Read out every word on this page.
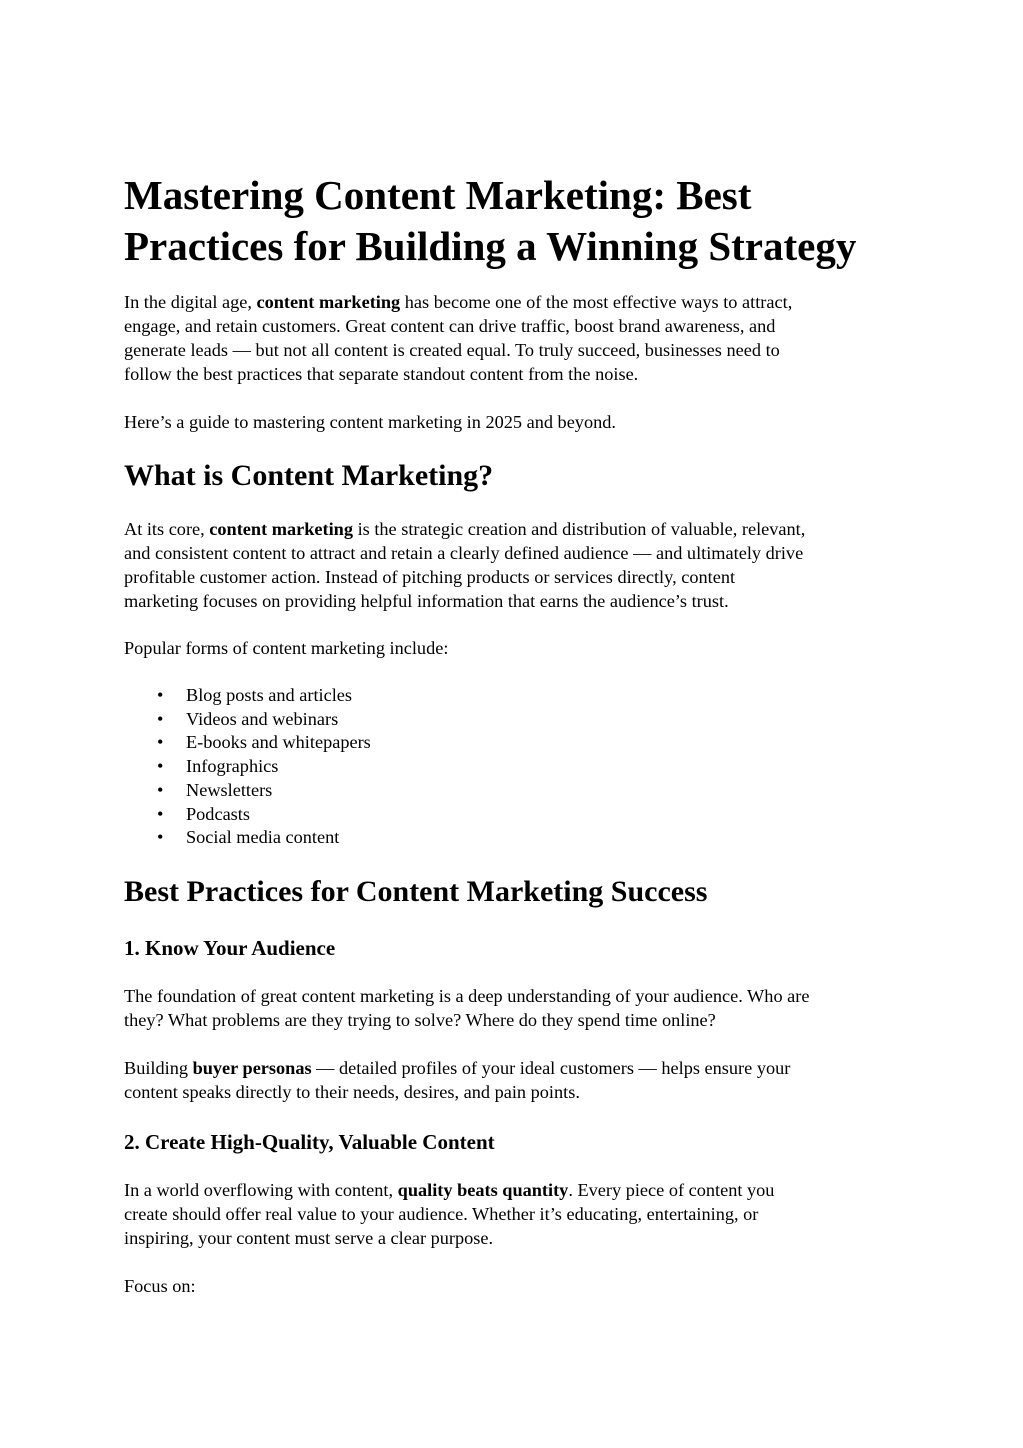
Mastering Content Marketing: Best
Practices for Building a Winning Strategy

In the digital age, content marketing has become one of the most effective ways to attract,
engage, and retain customers. Great content can drive traffic, boost brand awareness, and
generate leads — but not all content is created equal. To truly succeed, businesses need to
follow the best practices that separate standout content from the noise.

Here’s a guide to mastering content marketing in 2025 and beyond.

What is Content Marketing?

At its core, content marketing is the strategic creation and distribution of valuable, relevant,
and consistent content to attract and retain a clearly defined audience — and ultimately drive
profitable customer action. Instead of pitching products or services directly, content
marketing focuses on providing helpful information that earns the audience’s trust.

Popular forms of content marketing include:

• Blog posts and articles
• Videos and webinars
• E-books and whitepapers
• Infographics
• Newsletters
• Podcasts
• Social media content
Best Practices for Content Marketing Success
1. Know Your Audience

The foundation of great content marketing is a deep understanding of your audience. Who are
they? What problems are they trying to solve? Where do they spend time online?

Building buyer personas — detailed profiles of your ideal customers — helps ensure your
content speaks directly to their needs, desires, and pain points.

2. Create High-Quality, Valuable Content

In a world overflowing with content, quality beats quantity. Every piece of content you
create should offer real value to your audience. Whether it’s educating, entertaining, or
inspiring, your content must serve a clear purpose.

Focus on:
